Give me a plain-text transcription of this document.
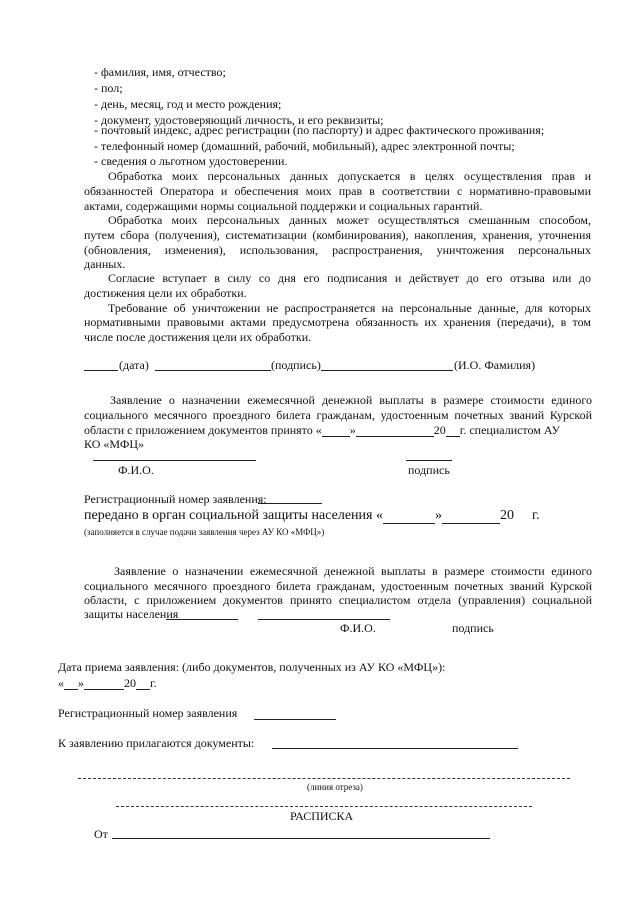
- фамилия, имя, отчество;
- пол;
- день, месяц, год и место рождения;
- документ, удостоверяющий личность, и его реквизиты;
- почтовый индекс, адрес регистрации (по паспорту) и адрес фактического проживания;
- телефонный номер (домашний, рабочий, мобильный), адрес электронной почты;
- сведения о льготном удостоверении.
Обработка моих персональных данных допускается в целях осуществления прав и
обязанностей Оператора и обеспечения моих прав в соответствии с нормативно-правовыми
актами, содержащими нормы социальной поддержки и социальных гарантий.
Обработка моих персональных данных может осуществляться смешанным способом,
путем сбора (получения), систематизации (комбинирования), накопления, хранения, уточнения
(обновления, изменения), использования, распространения, уничтожения персональных
данных.
Согласие вступает в силу со дня его подписания и действует до его отзыва или до
достижения цели их обработки.
Требование об уничтожении не распространяется на персональные данные, для которых
нормативными правовыми актами предусмотрена обязанность их хранения (передачи), в том
числе после достижения цели их обработки.
(дата)	(подпись)	(И.О. Фамилия)
Заявление о назначении ежемесячной денежной выплаты в размере стоимости единого
социального месячного проездного билета гражданам, удостоенным почетных званий Курской
области с приложением документов принято « »	20 г. специалистом АУ
КО «МФЦ»
Ф.И.О.	подпись
Регистрационный номер заявления:
передано в орган социальной защиты населения «	»	20 г.
(заполняется в случае подачи заявления через АУ КО «МФЦ»)
Заявление о назначении ежемесячной денежной выплаты в размере стоимости единого
социального месячного проездного билета гражданам, удостоенным почетных званий Курской
области, с приложением документов принято специалистом отдела (управления) социальной
защиты населения
Ф.И.О.	подпись
Дата приема заявления: (либо документов, полученных из АУ КО «МФЦ»):
« »	20 г.
Регистрационный номер заявления
К заявлению прилагаются документы:
(линия отреза)
РАСПИСКА
От
